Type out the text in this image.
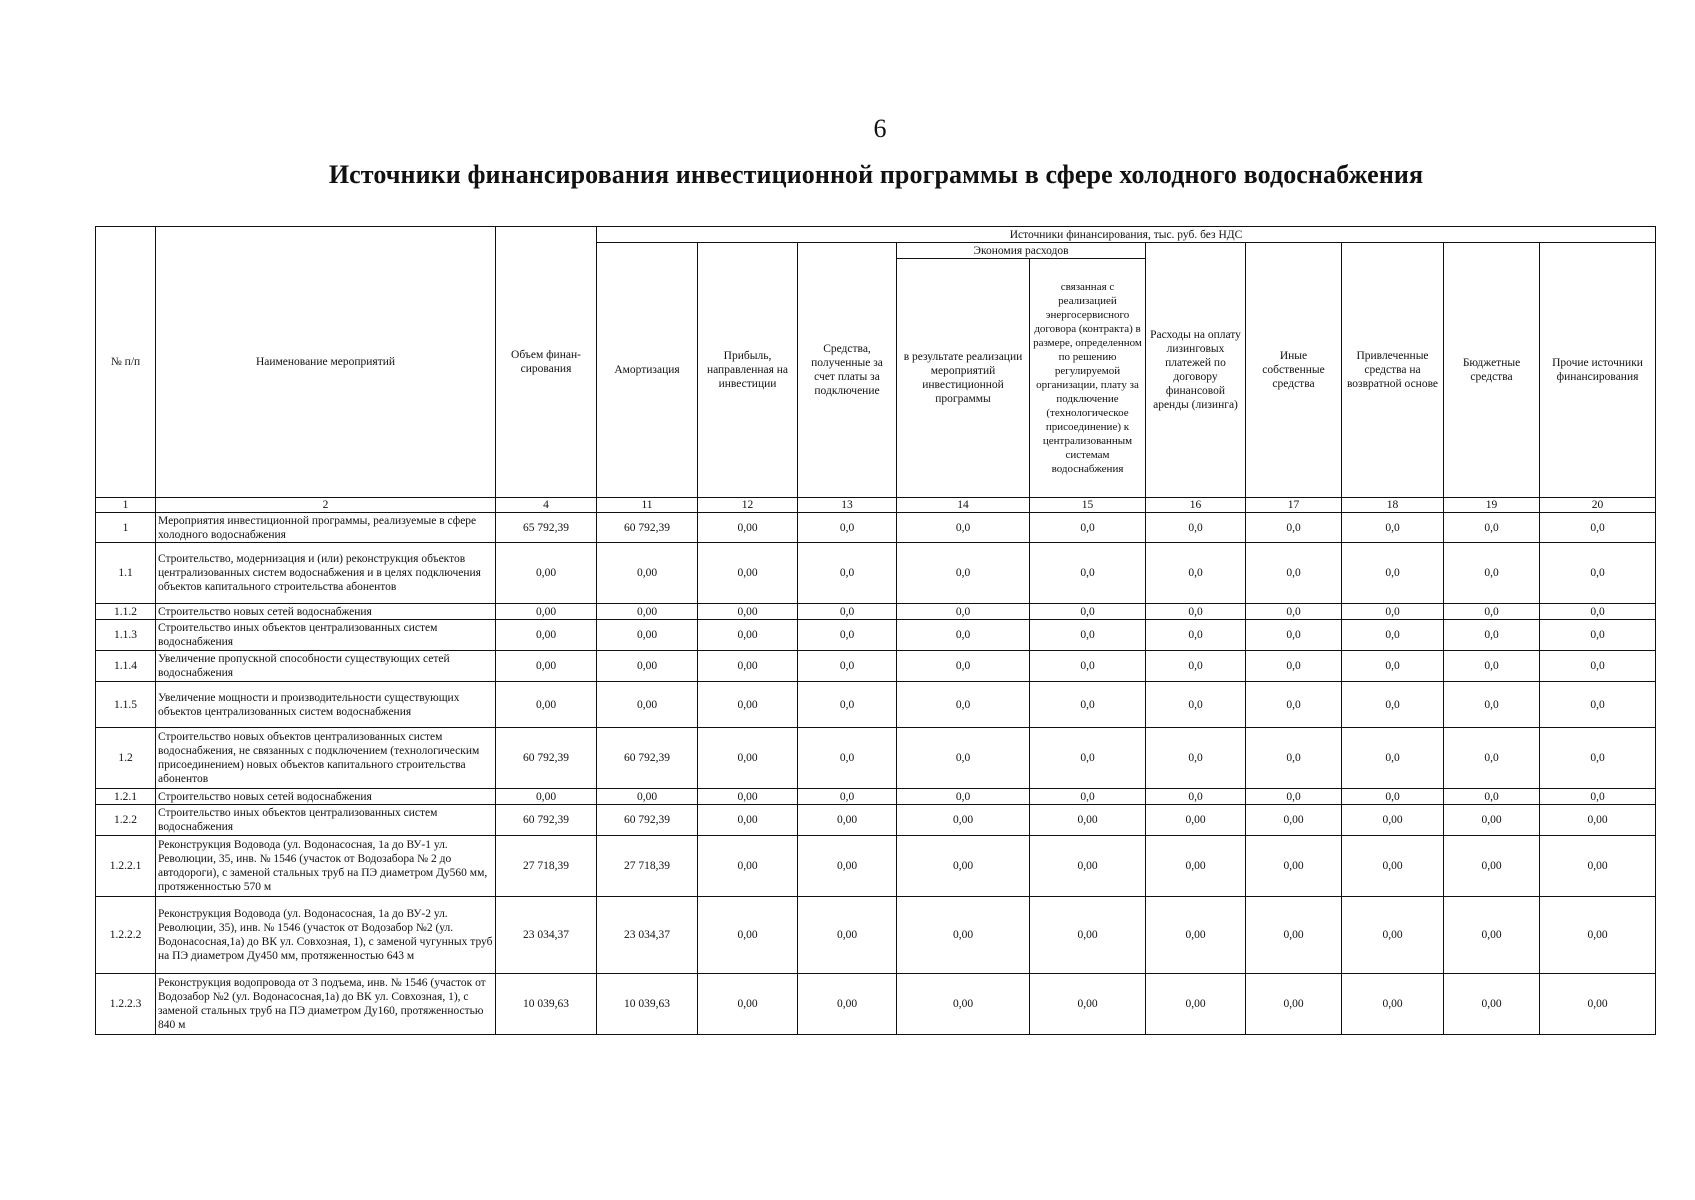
6
Источники финансирования инвестиционной программы в сфере холодного водоснабжения
№ п/п	Наименование мероприятий	Объем финан-сирования	Источники финансирования, тыс. руб. без НДС									
			Амортизация	Прибыль, направленная на инвестиции	Средства, полученные за счет платы за подключение	Экономия расходов		Расходы на оплату лизинговых платежей по договору финансовой аренды (лизинга)	Иные собственные средства	Привлеченные средства на возвратной основе	Бюджетные средства	Прочие источники финансирования
						в результате реализации мероприятий инвестиционной программы	связанная с реализацией энергосервисного договора (контракта) в размере, определенном по решению регулируемой организации, плату за подключение (технологическое присоединение) к централизованным системам водоснабжения					
1	2	4	11	12	13	14	15	16	17	18	19	20
1	Мероприятия инвестиционной программы, реализуемые в сфере холодного водоснабжения	65 792,39	60 792,39	0,00	0,0	0,0	0,0	0,0	0,0	0,0	0,0	0,0
1.1	Строительство, модернизация и (или) реконструкция объектов централизованных систем водоснабжения и в целях подключения объектов капитального строительства абонентов	0,00	0,00	0,00	0,0	0,0	0,0	0,0	0,0	0,0	0,0	0,0
1.1.2	Строительство новых сетей водоснабжения	0,00	0,00	0,00	0,0	0,0	0,0	0,0	0,0	0,0	0,0	0,0
1.1.3	Строительство иных объектов централизованных систем водоснабжения	0,00	0,00	0,00	0,0	0,0	0,0	0,0	0,0	0,0	0,0	0,0
1.1.4	Увеличение пропускной способности существующих сетей водоснабжения	0,00	0,00	0,00	0,0	0,0	0,0	0,0	0,0	0,0	0,0	0,0
1.1.5	Увеличение мощности и производительности существующих объектов централизованных систем водоснабжения	0,00	0,00	0,00	0,0	0,0	0,0	0,0	0,0	0,0	0,0	0,0
1.2	Строительство новых объектов централизованных систем водоснабжения, не связанных с подключением (технологическим присоединением) новых объектов капитального строительства абонентов	60 792,39	60 792,39	0,00	0,0	0,0	0,0	0,0	0,0	0,0	0,0	0,0
1.2.1	Строительство новых сетей водоснабжения	0,00	0,00	0,00	0,0	0,0	0,0	0,0	0,0	0,0	0,0	0,0
1.2.2	Строительство иных объектов централизованных систем водоснабжения	60 792,39	60 792,39	0,00	0,00	0,00	0,00	0,00	0,00	0,00	0,00	0,00
1.2.2.1	Реконструкция Водовода (ул. Водонасосная, 1а до ВУ-1 ул. Революции, 35, инв. № 1546 (участок от Водозабора № 2 до автодороги), с заменой стальных труб на ПЭ диаметром Ду560 мм, протяженностью 570 м	27 718,39	27 718,39	0,00	0,00	0,00	0,00	0,00	0,00	0,00	0,00	0,00
1.2.2.2	Реконструкция Водовода (ул. Водонасосная, 1а до ВУ-2 ул. Революции, 35), инв. № 1546 (участок от Водозабор №2 (ул. Водонасосная,1а) до ВК ул. Совхозная, 1), с заменой чугунных труб на ПЭ диаметром Ду450 мм, протяженностью 643 м	23 034,37	23 034,37	0,00	0,00	0,00	0,00	0,00	0,00	0,00	0,00	0,00
1.2.2.3	Реконструкция водопровода от 3 подъема, инв. № 1546 (участок от Водозабор №2 (ул. Водонасосная,1а) до ВК ул. Совхозная, 1), с заменой стальных труб на ПЭ диаметром Ду160, протяженностью 840 м	10 039,63	10 039,63	0,00	0,00	0,00	0,00	0,00	0,00	0,00	0,00	0,00
